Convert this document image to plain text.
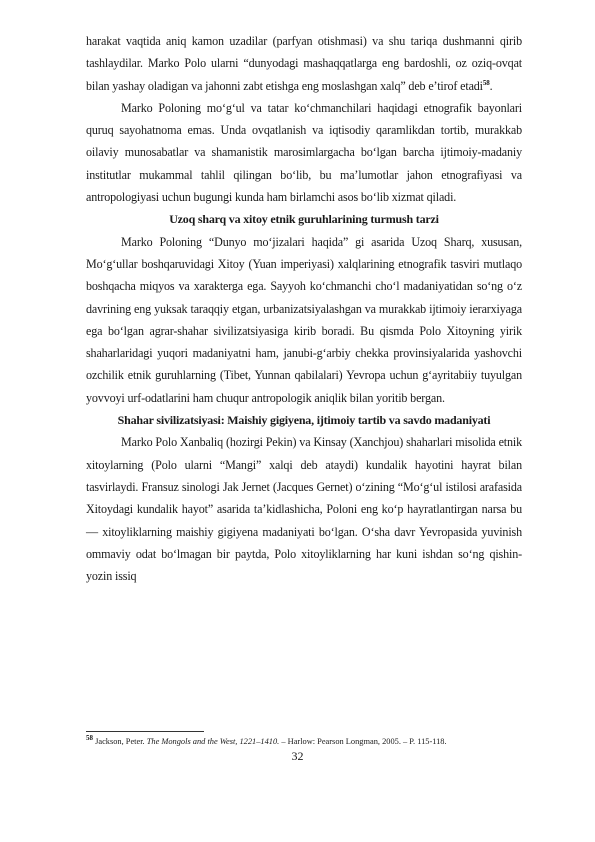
harakat vaqtida aniq kamon uzadilar (parfyan otishmasi) va shu tariqa dushmanni qirib tashlaydilar. Marko Polo ularni “dunyodagi mashaqqatlarga eng bardoshli, oz oziq-ovqat bilan yashay oladigan va jahonni zabt etishga eng moslashgan xalq” deb e’tirof etadi$^{58}$.

Marko Poloning mo‘g‘ul va tatar ko‘chmanchilari haqidagi etnografik bayonlari quruq sayohatnoma emas. Unda ovqatlanish va iqtisodiy qaramlikdan tortib, murakkab oilaviy munosabatlar va shamanistik marosimlargacha bo‘lgan barcha ijtimoiy-madaniy institutlar mukammal tahlil qilingan bo‘lib, bu ma’lumotlar jahon etnografiyasi va antropologiyasi uchun bugungi kunda ham birlamchi asos bo‘lib xizmat qiladi.

Uzoq sharq va xitoy etnik guruhlarining turmush tarzi

Marko Poloning “Dunyo mo‘jizalari haqida” gi asarida Uzoq Sharq, xususan, Mo‘g‘ullar boshqaruvidagi Xitoy (Yuan imperiyasi) xalqlarining etnografik tasviri mutlaqo boshqacha miqyos va xarakterga ega. Sayyoh ko‘chmanchi cho‘l madaniyatidan so‘ng o‘z davrining eng yuksak taraqqiy etgan, urbanizatsiyalashgan va murakkab ijtimoiy ierarxiyaga ega bo‘lgan agrar-shahar sivilizatsiyasiga kirib boradi. Bu qismda Polo Xitoyning yirik shaharlaridagi yuqori madaniyatni ham, janubi-g‘arbiy chekka provinsiyalarida yashovchi ozchilik etnik guruhlarning (Tibet, Yunnan qabilalari) Yevropa uchun g‘ayritabiiy tuyulgan yovvoyi urf-odatlarini ham chuqur antropologik aniqlik bilan yoritib bergan.

Shahar sivilizatsiyasi: Maishiy gigiyena, ijtimoiy tartib va savdo madaniyati

Marko Polo Xanbaliq (hozirgi Pekin) va Kinsay (Xanchjou) shaharlari misolida etnik xitoylarning (Polo ularni “Mangi” xalqi deb ataydi) kundalik hayotini hayrat bilan tasvirlaydi. Fransuz sinologi Jak Jernet (Jacques Gernet) o‘zining “Mo‘g‘ul istilosi arafasida Xitoydagi kundalik hayot” asarida ta’kidlashicha, Poloni eng ko‘p hayratlantirgan narsa bu — xitoyliklarning maishiy gigiyena madaniyati bo‘lgan. O‘sha davr Yevropasida yuvinish ommaviy odat bo‘lmagan bir paytda, Polo xitoyliklarning har kuni ishdan so‘ng qishin-yozin issiq

$^{58}$ Jackson, Peter. The Mongols and the West, 1221–1410. – Harlow: Pearson Longman, 2005. – P. 115-118.
32
